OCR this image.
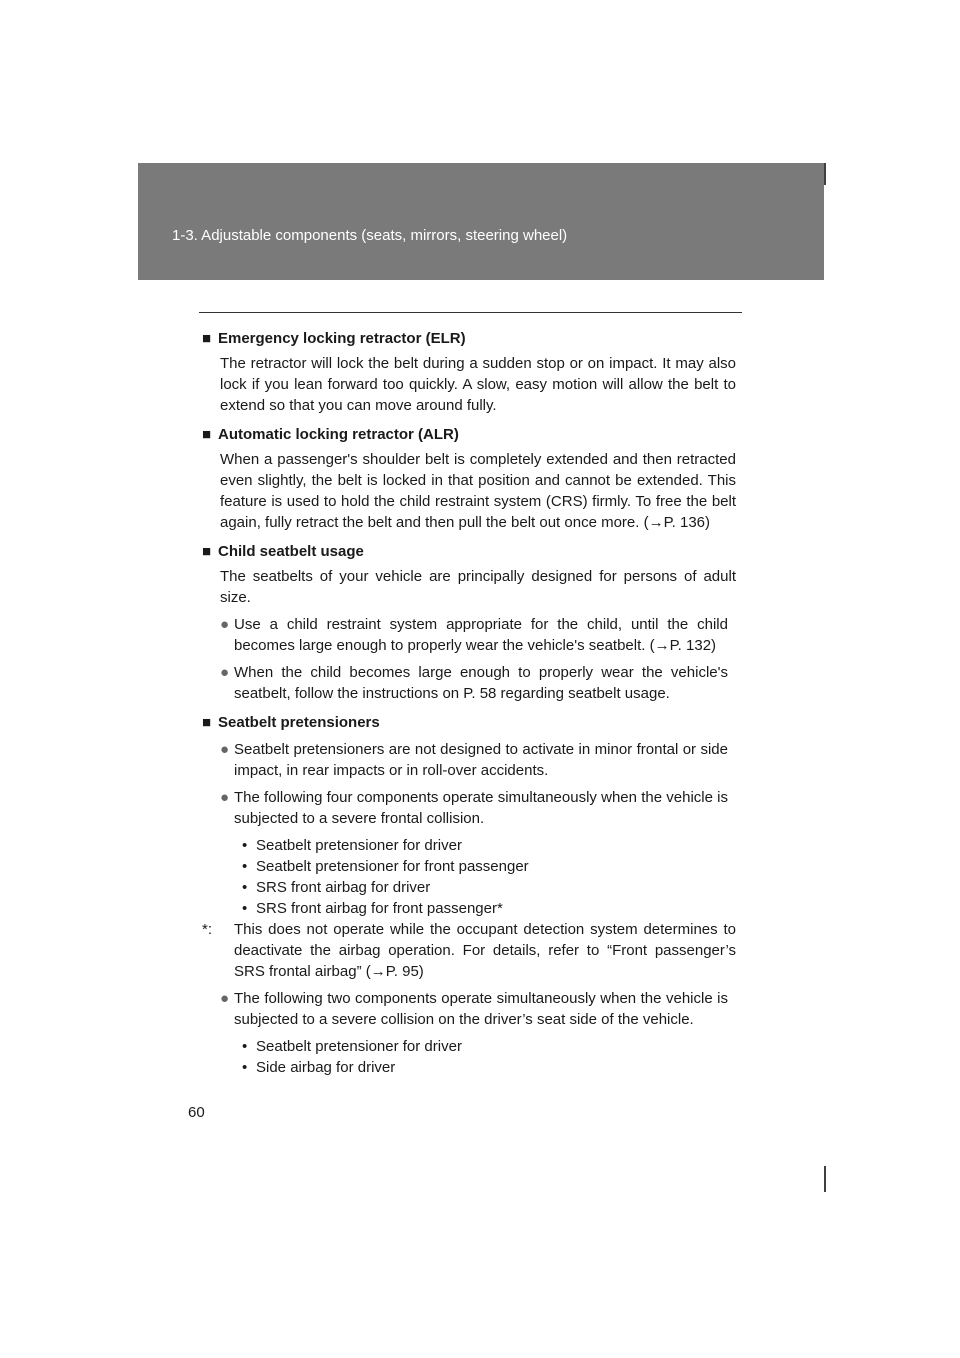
1-3. Adjustable components (seats, mirrors, steering wheel)
■ Emergency locking retractor (ELR)
The retractor will lock the belt during a sudden stop or on impact. It may also lock if you lean forward too quickly. A slow, easy motion will allow the belt to extend so that you can move around fully.
■ Automatic locking retractor (ALR)
When a passenger's shoulder belt is completely extended and then retracted even slightly, the belt is locked in that position and cannot be extended. This feature is used to hold the child restraint system (CRS) firmly. To free the belt again, fully retract the belt and then pull the belt out once more. (→P. 136)
■ Child seatbelt usage
The seatbelts of your vehicle are principally designed for persons of adult size.
● Use a child restraint system appropriate for the child, until the child becomes large enough to properly wear the vehicle's seatbelt. (→P. 132)
● When the child becomes large enough to properly wear the vehicle's seatbelt, follow the instructions on P. 58 regarding seatbelt usage.
■ Seatbelt pretensioners
● Seatbelt pretensioners are not designed to activate in minor frontal or side impact, in rear impacts or in roll-over accidents.
● The following four components operate simultaneously when the vehicle is subjected to a severe frontal collision.
• Seatbelt pretensioner for driver
• Seatbelt pretensioner for front passenger
• SRS front airbag for driver
• SRS front airbag for front passenger*
*:	This does not operate while the occupant detection system determines to deactivate the airbag operation. For details, refer to “Front passenger’s SRS frontal airbag” (→P. 95)
● The following two components operate simultaneously when the vehicle is subjected to a severe collision on the driver’s seat side of the vehicle.
• Seatbelt pretensioner for driver
• Side airbag for driver
60
